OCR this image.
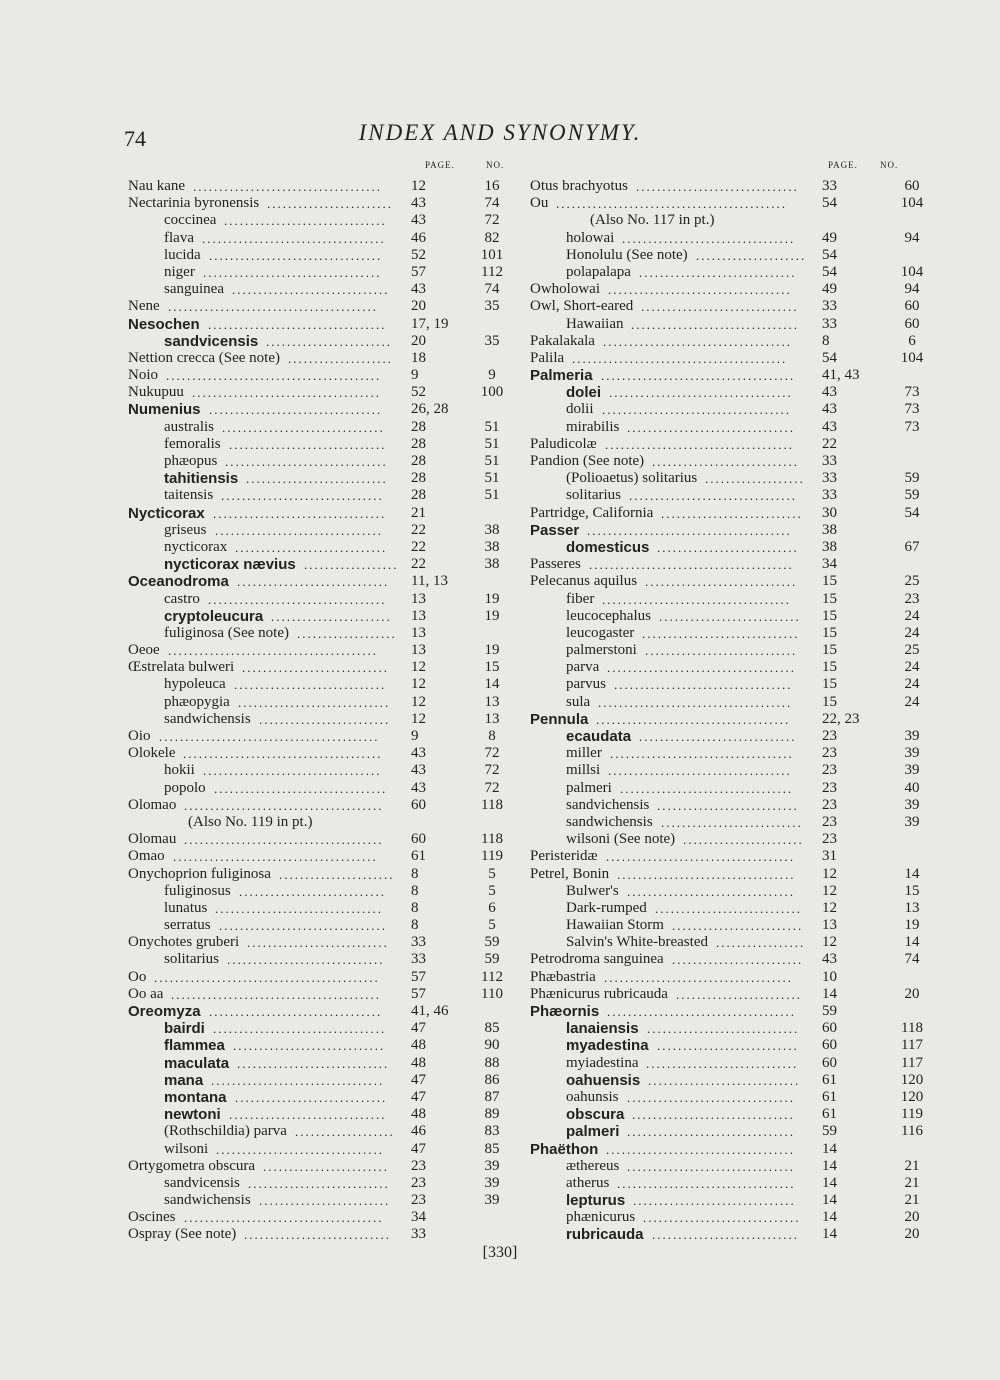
74	INDEX AND SYNONYMY.
PAGE.	NO.
Nau kane	12	16
....................................
Nectarinia byronensis	43	74
........................
coccinea	43	72
...............................
flava	46	82
...................................
lucida	52	101
.................................
niger	57	112
..................................
sanguinea	43	74
..............................
Nene	20	35
........................................
Nesochen	17, 19
..................................
sandvicensis	20	35
........................
Nettion crecca (See note)	18
....................
Noio	9	9
.........................................
Nukupuu	52	100
....................................
Numenius	26, 28
.................................
australis	28	51
...............................
femoralis	28	51
..............................
phæopus	28	51
...............................
tahitiensis	28	51
...........................
taitensis	28	51
...............................
Nycticorax	21
.................................
griseus	22	38
................................
nycticorax	22	38
.............................
nycticorax nævius	22	38
..................
Oceanodroma	11, 13
.............................
castro	13	19
..................................
cryptoleucura	13	19
.......................
fuliginosa (See note)	13
...................
Oeoe	13	19
........................................
Œstrelata bulweri	12	15
............................
hypoleuca	12	14
.............................
phæopygia	12	13
.............................
sandwichensis	12	13
.........................
Oio	9	8
..........................................
Olokele	43	72
......................................
hokii	43	72
..................................
popolo	43	72
.................................
Olomao	60	118
......................................
(Also No. 119 in pt.)
Olomau	60	118
......................................
Omao	61	119
.......................................
Onychoprion fuliginosa	8	5
......................
fuliginosus	8	5
............................
lunatus	8	6
................................
serratus	8	5
................................
Onychotes gruberi	33	59
...........................
solitarius	33	59
..............................
Oo	57	112
...........................................
Oo aa	57	110
........................................
Oreomyza	41, 46
.................................
bairdi	47	85
.................................
flammea	48	90
.............................
maculata	48	88
.............................
mana	47	86
.................................
montana	47	87
.............................
newtoni	48	89
..............................
(Rothschildia) parva	46	83
...................
wilsoni	47	85
................................
Ortygometra obscura	23	39
........................
sandvicensis	23	39
...........................
sandwichensis	23	39
.........................
Oscines	34
......................................
Ospray (See note)	33
............................
PAGE. NO.
Otus brachyotus	33	60
...............................
Ou	54	104
............................................
(Also No. 117 in pt.)
holowai	49	94
.................................
Honolulu (See note)	54
.....................
polapalapa	54	104
..............................
Owholowai	49	94
...................................
Owl, Short-eared	33	60
..............................
Hawaiian	33	60
................................
Pakalakala	8	6
....................................
Palila	54	104
.........................................
Palmeria	41, 43
.....................................
dolei	43	73
...................................
dolii	43	73
....................................
mirabilis	43	73
................................
Paludicolæ	22
....................................
Pandion (See note)	33
............................
(Polioaetus) solitarius	33	59
...................
solitarius	33	59
................................
Partridge, California	30	54
...........................
Passer	38
.......................................
domesticus	38	67
...........................
Passeres	34
.......................................
Pelecanus aquilus	15	25
.............................
fiber	15	23
....................................
leucocephalus	15	24
...........................
leucogaster	15	24
..............................
palmerstoni	15	25
.............................
parva	15	24
....................................
parvus	15	24
..................................
sula	15	24
.....................................
Pennula	22, 23
.....................................
ecaudata	23	39
..............................
miller	23	39
...................................
millsi	23	39
...................................
palmeri	23	40
.................................
sandvichensis	23	39
...........................
sandwichensis	23	39
...........................
wilsoni (See note)	23
.......................
Peristeridæ	31
....................................
Petrel, Bonin	12	14
..................................
Bulwer's	12	15
................................
Dark-rumped	12	13
............................
Hawaiian Storm	13	19
.........................
Salvin's White-breasted	12	14
.................
Petrodroma sanguinea	43	74
.........................
Phæbastria	10
....................................
Phænicurus rubricauda	14	20
........................
Phæornis	59
....................................
lanaiensis	60	118
.............................
myadestina	60	117
...........................
myiadestina	60	117
.............................
oahuensis	61	120
.............................
oahunsis	61	120
................................
obscura	61	119
...............................
palmeri	59	116
................................
Phaëthon	14
....................................
æthereus	14	21
................................
atherus	14	21
..................................
lepturus	14	21
...............................
phænicurus	14	20
..............................
rubricauda	14	20
............................
[330]
